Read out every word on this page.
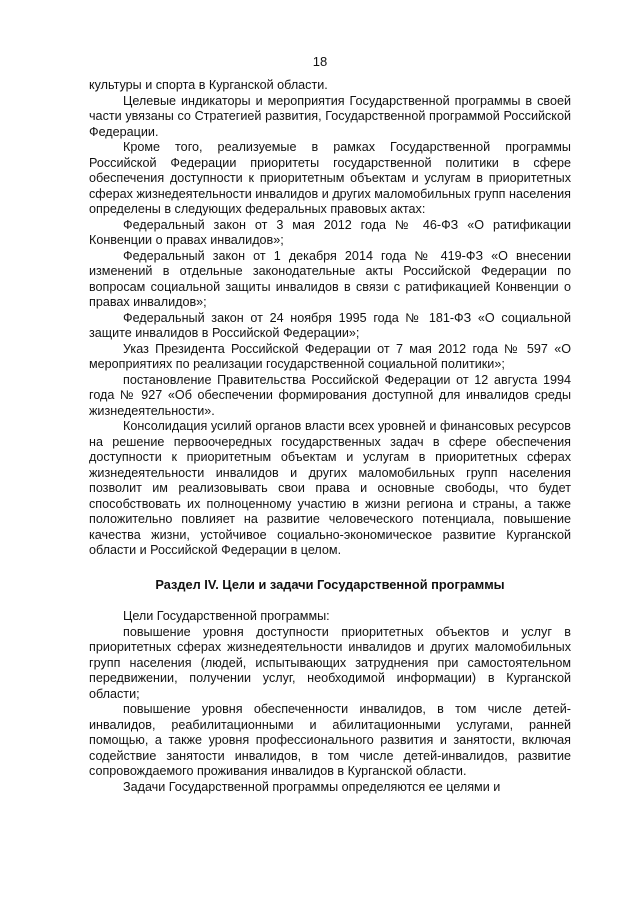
18

культуры и спорта в Курганской области.

Целевые индикаторы и мероприятия Государственной программы в своей части увязаны со Стратегией развития, Государственной программой Российской Федерации.

Кроме того, реализуемые в рамках Государственной программы Российской Федерации приоритеты государственной политики в сфере обеспечения доступности к приоритетным объектам и услугам в приоритетных сферах жизнедеятельности инвалидов и других маломобильных групп населения определены в следующих федеральных правовых актах:

Федеральный закон от 3 мая 2012 года № 46-ФЗ «О ратификации Конвенции о правах инвалидов»;

Федеральный закон от 1 декабря 2014 года № 419-ФЗ «О внесении изменений в отдельные законодательные акты Российской Федерации по вопросам социальной защиты инвалидов в связи с ратификацией Конвенции о правах инвалидов»;

Федеральный закон от 24 ноября 1995 года № 181-ФЗ «О социальной защите инвалидов в Российской Федерации»;

Указ Президента Российской Федерации от 7 мая 2012 года № 597 «О мероприятиях по реализации государственной социальной политики»;

постановление Правительства Российской Федерации от 12 августа 1994 года № 927 «Об обеспечении формирования доступной для инвалидов среды жизнедеятельности».

Консолидация усилий органов власти всех уровней и финансовых ресурсов на решение первоочередных государственных задач в сфере обеспечения доступности к приоритетным объектам и услугам в приоритетных сферах жизнедеятельности инвалидов и других маломобильных групп населения позволит им реализовывать свои права и основные свободы, что будет способствовать их полноценному участию в жизни региона и страны, а также положительно повлияет на развитие человеческого потенциала, повышение качества жизни, устойчивое социально-экономическое развитие Курганской области и Российской Федерации в целом.

Раздел IV. Цели и задачи Государственной программы

Цели Государственной программы:

повышение уровня доступности приоритетных объектов и услуг в приоритетных сферах жизнедеятельности инвалидов и других маломобильных групп населения (людей, испытывающих затруднения при самостоятельном передвижении, получении услуг, необходимой информации) в Курганской области;

повышение уровня обеспеченности инвалидов, в том числе детей-инвалидов, реабилитационными и абилитационными услугами, ранней помощью, а также уровня профессионального развития и занятости, включая содействие занятости инвалидов, в том числе детей-инвалидов, развитие сопровождаемого проживания инвалидов в Курганской области.

Задачи Государственной программы определяются ее целями и
